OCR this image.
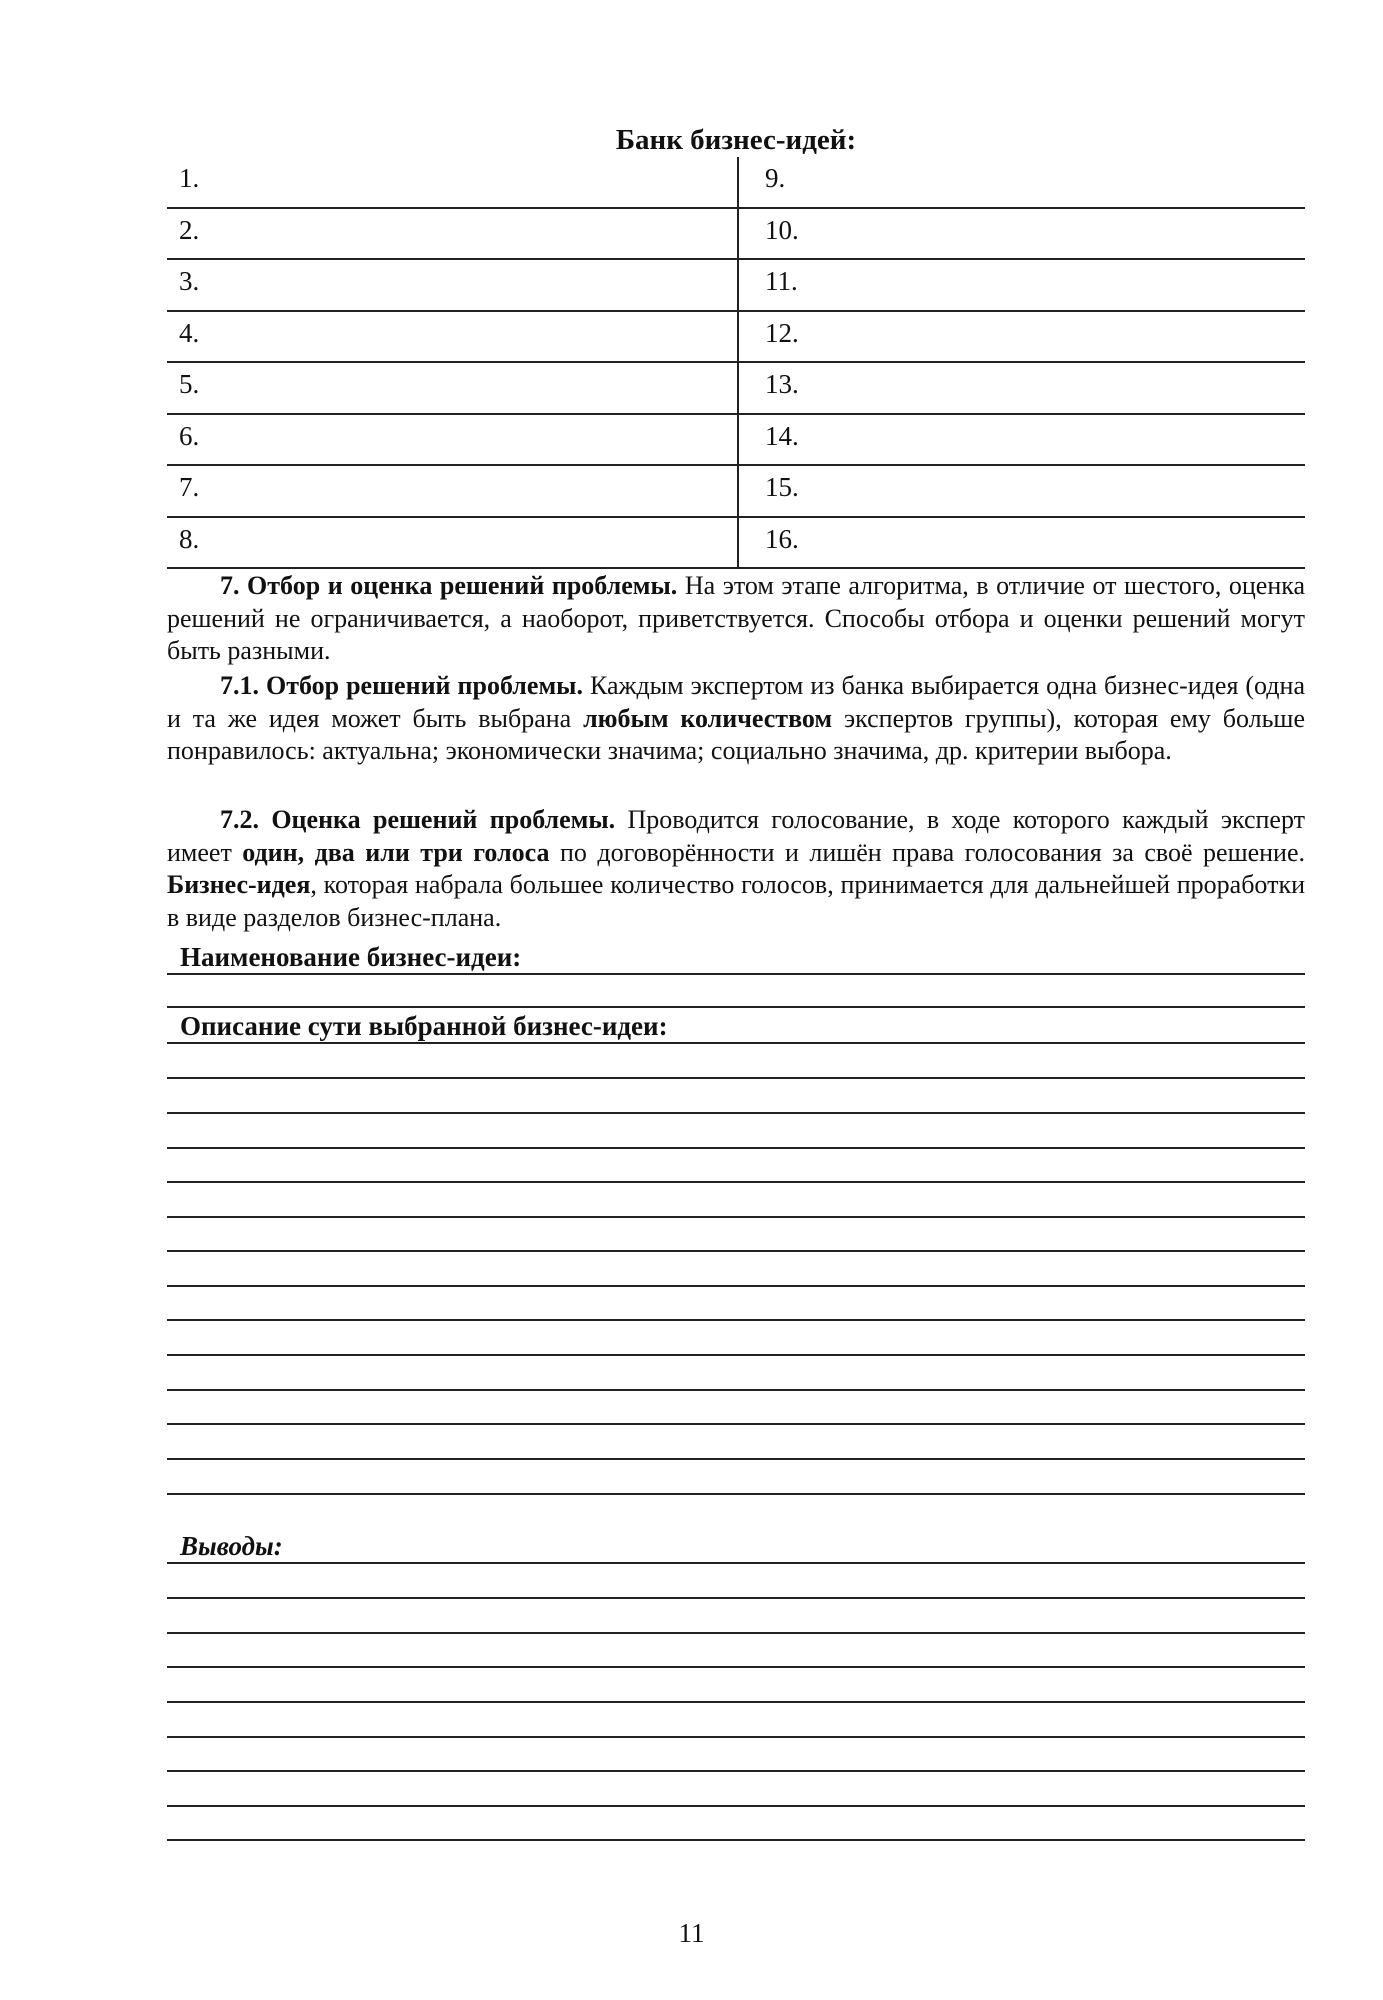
Банк бизнес-идей:
1.
2.
3.
4.
5.
6.
7.
8.
9.
10.
11.
12.
13.
14.
15.
16.

7. Отбор и оценка решений проблемы. На этом этапе алгоритма, в отличие от шестого, оценка решений не ограничивается, а наоборот, приветствуется. Способы отбора и оценки решений могут быть разными.

7.1. Отбор решений проблемы. Каждым экспертом из банка выбирается одна бизнес-идея (одна и та же идея может быть выбрана любым количеством экспертов группы), которая ему больше понравилось: актуальна; экономически значима; социально значима, др. критерии выбора.

7.2. Оценка решений проблемы. Проводится голосование, в ходе которого каждый эксперт имеет один, два или три голоса по договорённости и лишён права голосования за своё решение. Бизнес-идея, которая набрала большее количество голосов, принимается для дальнейшей проработки в виде разделов бизнес-плана.

Наименование бизнес-идеи:
Описание сути выбранной бизнес-идеи:
Выводы:
11
